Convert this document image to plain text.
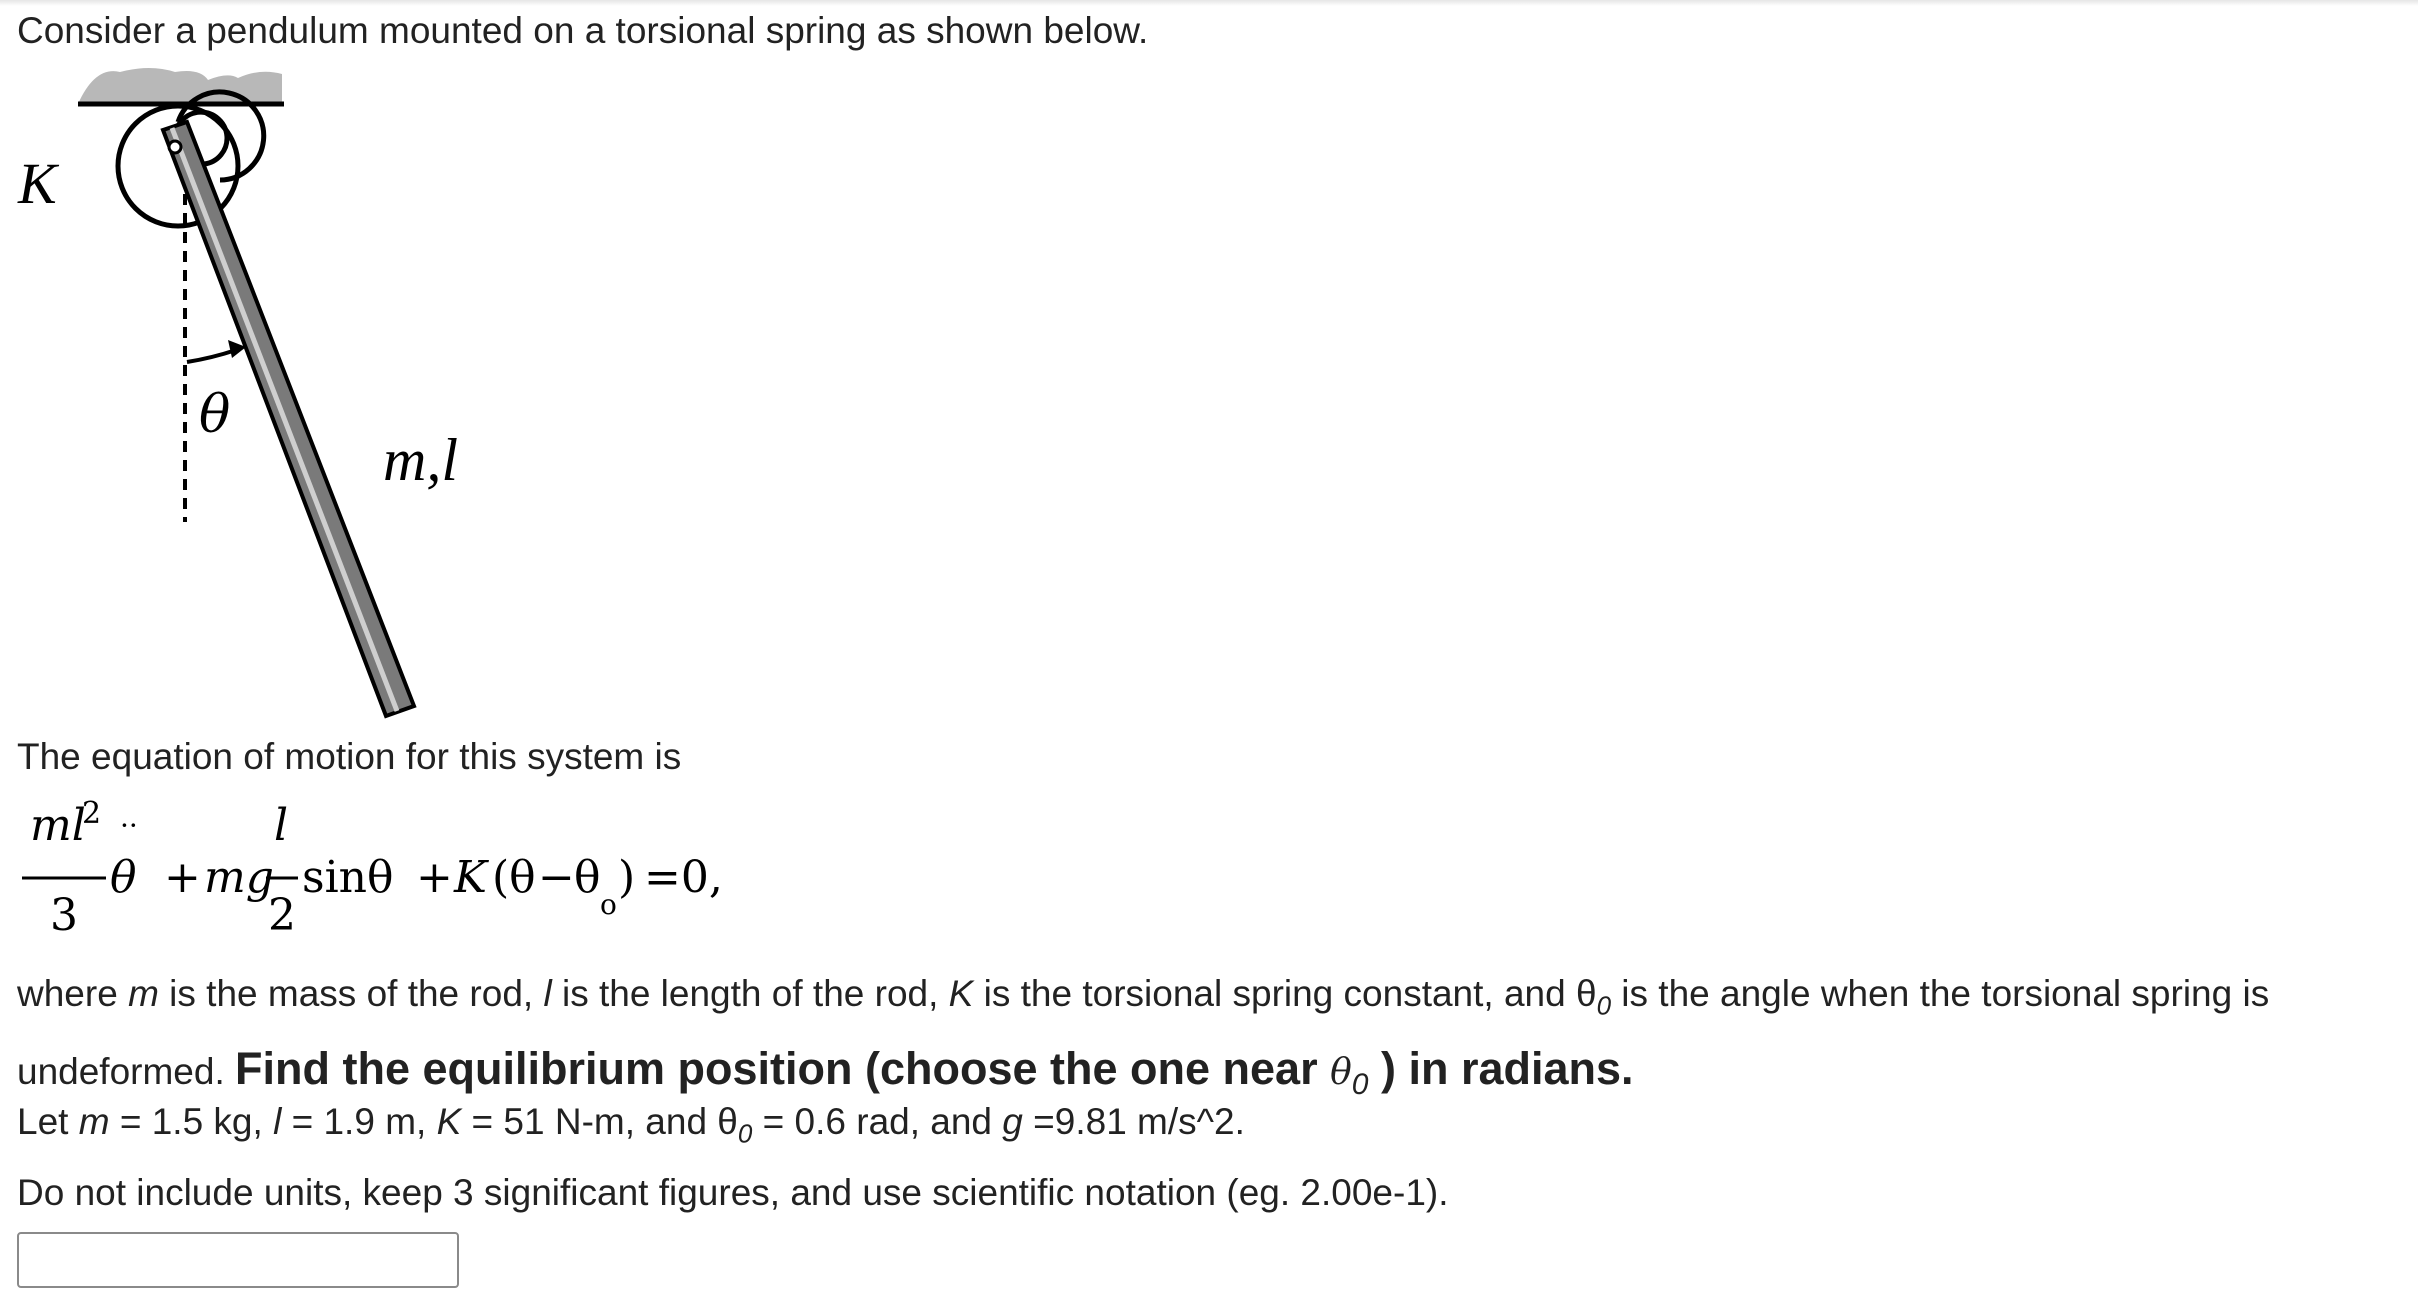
Consider a pendulum mounted on a torsional spring as shown below.
K
θ
m,l
The equation of motion for this system is
ml
2 ··
3
θ + mg
l
2
sinθ + K (θ − θ
o
) =0,
where m is the mass of the rod, l is the length of the rod, K is the torsional spring constant, and $\theta_0$ is the angle when the torsional spring is
undeformed. Find the equilibrium position (choose the one near $\theta_0$ ) in radians.
Let m = 1.5 kg, l = 1.9 m, K = 51 N-m, and $\theta_0 = 0.6$ rad, and g =9.81 m/s^2.
Do not include units, keep 3 significant figures, and use scientific notation (eg. 2.00e-1).
